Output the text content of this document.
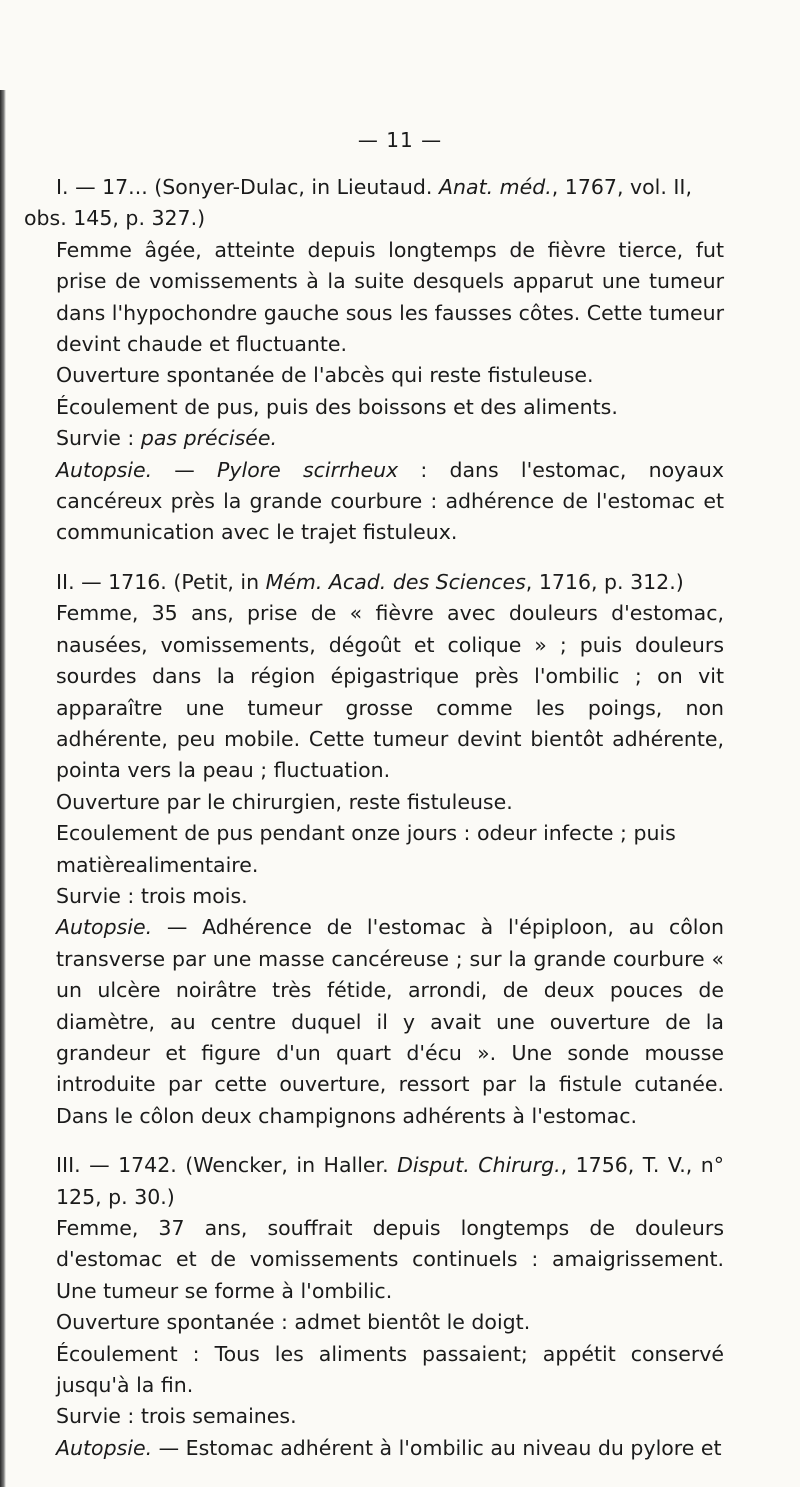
— 11 —

I. — 17... (Sonyer-Dulac, in Lieutaud. Anat. méd., 1767, vol. II,

obs. 145, p. 327.)

Femme âgée, atteinte depuis longtemps de fièvre tierce, fut prise de vomissements à la suite desquels apparut une tumeur dans l'hypochondre gauche sous les fausses côtes. Cette tumeur devint chaude et fluctuante.

Ouverture spontanée de l'abcès qui reste fistuleuse.

Écoulement de pus, puis des boissons et des aliments.

Survie : pas précisée.

Autopsie. — Pylore scirrheux : dans l'estomac, noyaux cancéreux près la grande courbure : adhérence de l'estomac et communication avec le trajet fistuleux.

II. — 1716. (Petit, in Mém. Acad. des Sciences, 1716, p. 312.)

Femme, 35 ans, prise de « fièvre avec douleurs d'estomac, nausées, vomissements, dégoût et colique » ; puis douleurs sourdes dans la région épigastrique près l'ombilic ; on vit apparaître une tumeur grosse comme les poings, non adhérente, peu mobile. Cette tumeur devint bientôt adhérente, pointa vers la peau ; fluctuation.

Ouverture par le chirurgien, reste fistuleuse.

Ecoulement de pus pendant onze jours : odeur infecte ; puis matièrealimentaire.

Survie : trois mois.

Autopsie. — Adhérence de l'estomac à l'épiploon, au côlon transverse par une masse cancéreuse ; sur la grande courbure « un ulcère noirâtre très fétide, arrondi, de deux pouces de diamètre, au centre duquel il y avait une ouverture de la grandeur et figure d'un quart d'écu ». Une sonde mousse introduite par cette ouverture, ressort par la fistule cutanée. Dans le côlon deux champignons adhérents à l'estomac.

III. — 1742. (Wencker, in Haller. Disput. Chirurg., 1756, T. V., n° 125, p. 30.)

Femme, 37 ans, souffrait depuis longtemps de douleurs d'estomac et de vomissements continuels : amaigrissement. Une tumeur se forme à l'ombilic.

Ouverture spontanée : admet bientôt le doigt.

Écoulement : Tous les aliments passaient; appétit conservé jusqu'à la fin.

Survie : trois semaines.

Autopsie. — Estomac adhérent à l'ombilic au niveau du pylore et
